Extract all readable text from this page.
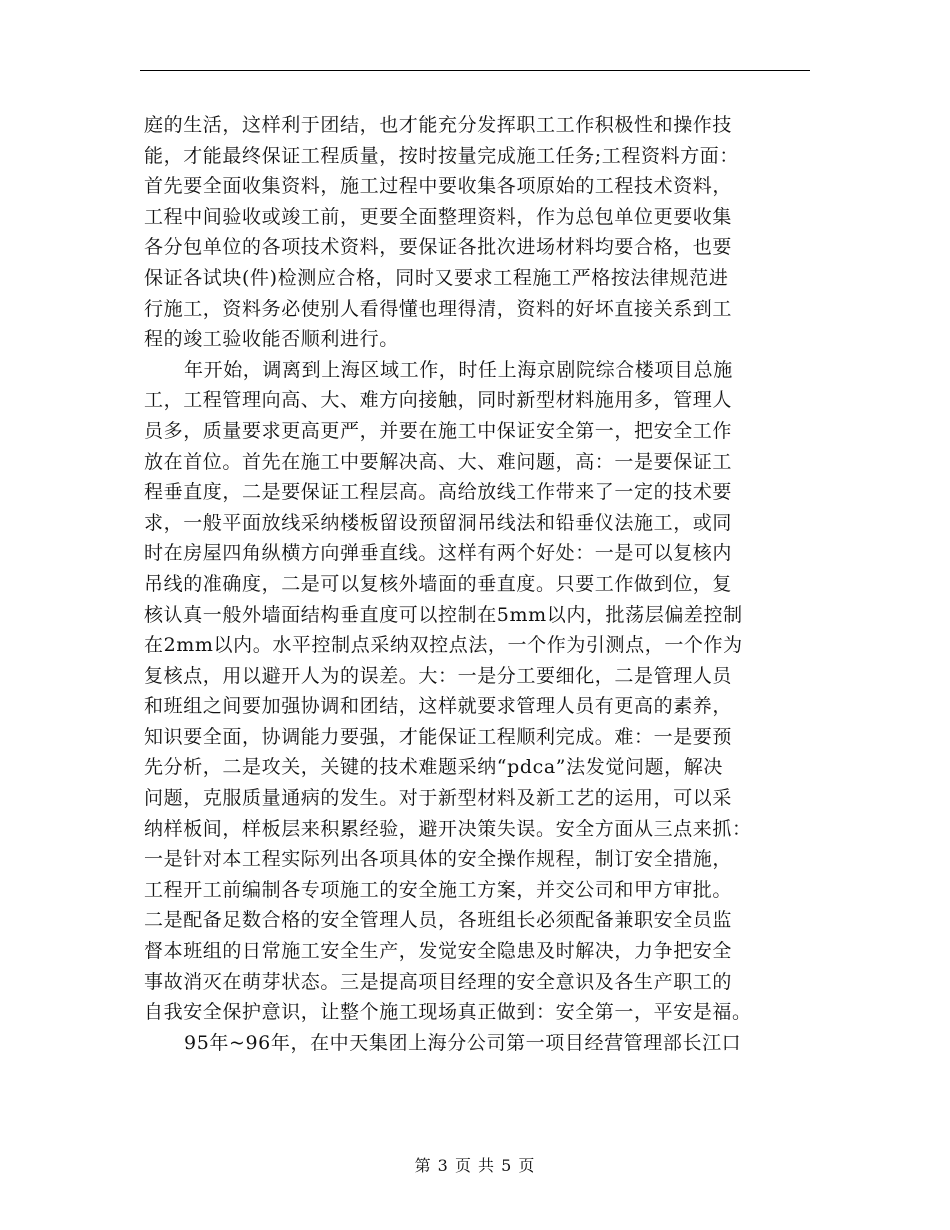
庭的生活，这样利于团结，也才能充分发挥职工工作积极性和操作技
能，才能最终保证工程质量，按时按量完成施工任务;工程资料方面：
首先要全面收集资料，施工过程中要收集各项原始的工程技术资料，
工程中间验收或竣工前，更要全面整理资料，作为总包单位更要收集
各分包单位的各项技术资料，要保证各批次进场材料均要合格，也要
保证各试块(件)检测应合格，同时又要求工程施工严格按法律规范进
行施工，资料务必使别人看得懂也理得清，资料的好坏直接关系到工
程的竣工验收能否顺利进行。
年开始，调离到上海区域工作，时任上海京剧院综合楼项目总施
工，工程管理向高、大、难方向接触，同时新型材料施用多，管理人
员多，质量要求更高更严，并要在施工中保证安全第一，把安全工作
放在首位。首先在施工中要解决高、大、难问题，高：一是要保证工
程垂直度，二是要保证工程层高。高给放线工作带来了一定的技术要
求，一般平面放线采纳楼板留设预留洞吊线法和铅垂仪法施工，或同
时在房屋四角纵横方向弹垂直线。这样有两个好处：一是可以复核内
吊线的准确度，二是可以复核外墙面的垂直度。只要工作做到位，复
核认真一般外墙面结构垂直度可以控制在5mm以内，批荡层偏差控制
在2mm以内。水平控制点采纳双控点法，一个作为引测点，一个作为
复核点，用以避开人为的误差。大：一是分工要细化，二是管理人员
和班组之间要加强协调和团结，这样就要求管理人员有更高的素养，
知识要全面，协调能力要强，才能保证工程顺利完成。难：一是要预
先分析，二是攻关，关键的技术难题采纳“pdca”法发觉问题，解决
问题，克服质量通病的发生。对于新型材料及新工艺的运用，可以采
纳样板间，样板层来积累经验，避开决策失误。安全方面从三点来抓：
一是针对本工程实际列出各项具体的安全操作规程，制订安全措施，
工程开工前编制各专项施工的安全施工方案，并交公司和甲方审批。
二是配备足数合格的安全管理人员，各班组长必须配备兼职安全员监
督本班组的日常施工安全生产，发觉安全隐患及时解决，力争把安全
事故消灭在萌芽状态。三是提高项目经理的安全意识及各生产职工的
自我安全保护意识，让整个施工现场真正做到：安全第一，平安是福。
95年~96年，在中天集团上海分公司第一项目经营管理部长江口
第 3 页 共 5 页
